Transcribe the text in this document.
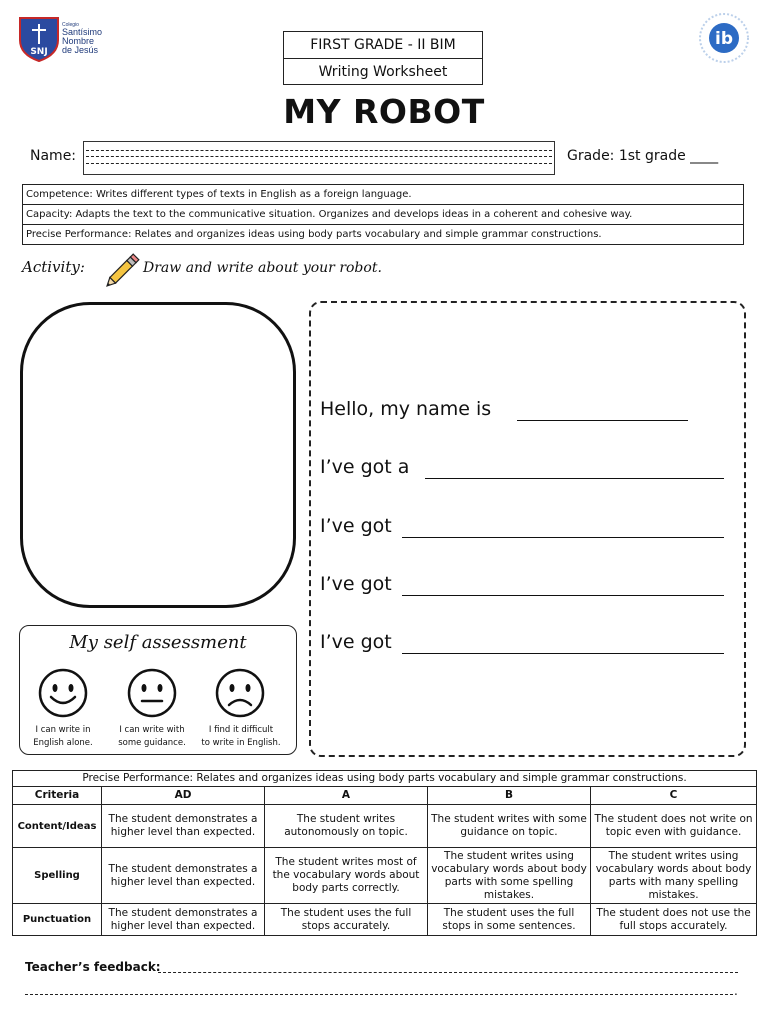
SNJ
Colegio
Santísimo
Nombre
de Jesús
ib
FIRST GRADE - II BIM
Writing Worksheet
MY ROBOT
Name:	Grade: 1st grade ____
Competence: Writes different types of texts in English as a foreign language.
Capacity: Adapts the text to the communicative situation. Organizes and develops ideas in a coherent and cohesive way.
Precise Performance: Relates and organizes ideas using body parts vocabulary and simple grammar constructions.
Activity:	Draw and write about your robot.
My self assessment
I can write in
English alone.
I can write with
some guidance.
I find it difficult
to write in English.
Hello, my name is
I’ve got a
I’ve got
I’ve got
I’ve got
Precise Performance: Relates and organizes ideas using body parts vocabulary and simple grammar constructions.				
Criteria	AD	A	B	C
Content/Ideas	The student demonstrates a higher level than expected.	The student writes autonomously on topic.	The student writes with some guidance on topic.	The student does not write on topic even with guidance.
Spelling	The student demonstrates a higher level than expected.	The student writes most of the vocabulary words about body parts correctly.	The student writes using vocabulary words about body parts with some spelling mistakes.	The student writes using vocabulary words about body parts with many spelling mistakes.
Punctuation	The student demonstrates a higher level than expected.	The student uses the full stops accurately.	The student uses the full stops in some sentences.	The student does not use the full stops accurately.
Teacher’s feedback:
.
